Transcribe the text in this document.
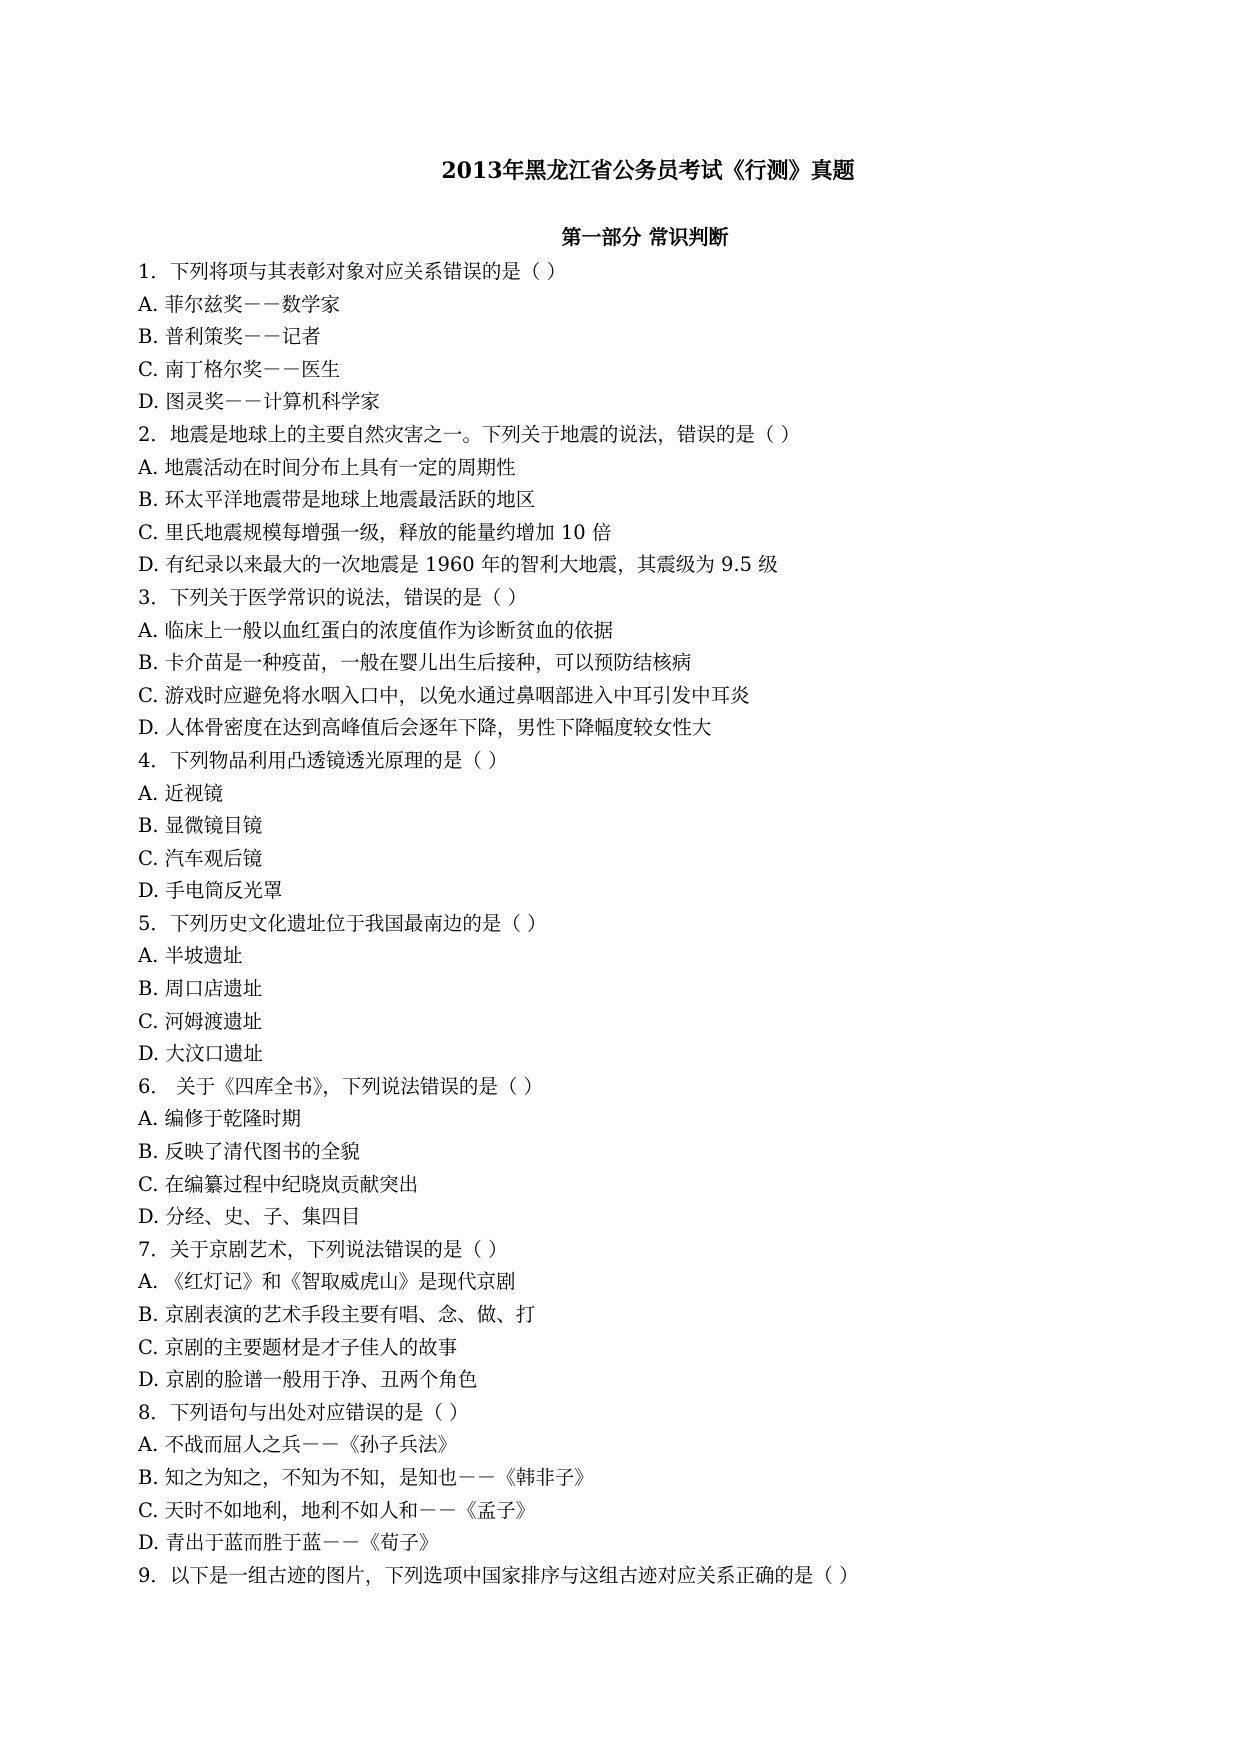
2013年黑龙江省公务员考试《行测》真题
第一部分 常识判断
1．下列将项与其表彰对象对应关系错误的是（ ）
A. 菲尔兹奖－－数学家
B. 普利策奖－－记者
C. 南丁格尔奖－－医生
D. 图灵奖－－计算机科学家
2．地震是地球上的主要自然灾害之一。下列关于地震的说法，错误的是（ ）
A. 地震活动在时间分布上具有一定的周期性
B. 环太平洋地震带是地球上地震最活跃的地区
C. 里氏地震规模每增强一级，释放的能量约增加 10 倍
D. 有纪录以来最大的一次地震是 1960 年的智利大地震，其震级为 9.5 级
3．下列关于医学常识的说法，错误的是（ ）
A. 临床上一般以血红蛋白的浓度值作为诊断贫血的依据
B. 卡介苗是一种疫苗，一般在婴儿出生后接种，可以预防结核病
C. 游戏时应避免将水咽入口中，以免水通过鼻咽部进入中耳引发中耳炎
D. 人体骨密度在达到高峰值后会逐年下降，男性下降幅度较女性大
4．下列物品利用凸透镜透光原理的是（ ）
A. 近视镜
B. 显微镜目镜
C. 汽车观后镜
D. 手电筒反光罩
5．下列历史文化遗址位于我国最南边的是（ ）
A. 半坡遗址
B. 周口店遗址
C. 河姆渡遗址
D. 大汶口遗址
6． 关于《四库全书》，下列说法错误的是（ ）
A. 编修于乾隆时期
B. 反映了清代图书的全貌
C. 在编纂过程中纪晓岚贡献突出
D. 分经、史、子、集四目
7．关于京剧艺术，下列说法错误的是（ ）
A. 《红灯记》和《智取威虎山》是现代京剧
B. 京剧表演的艺术手段主要有唱、念、做、打
C. 京剧的主要题材是才子佳人的故事
D. 京剧的脸谱一般用于净、丑两个角色
8．下列语句与出处对应错误的是（ ）
A. 不战而屈人之兵－－《孙子兵法》
B. 知之为知之，不知为不知，是知也－－《韩非子》
C. 天时不如地利，地利不如人和－－《孟子》
D. 青出于蓝而胜于蓝－－《荀子》
9．以下是一组古迹的图片，下列选项中国家排序与这组古迹对应关系正确的是（ ）
